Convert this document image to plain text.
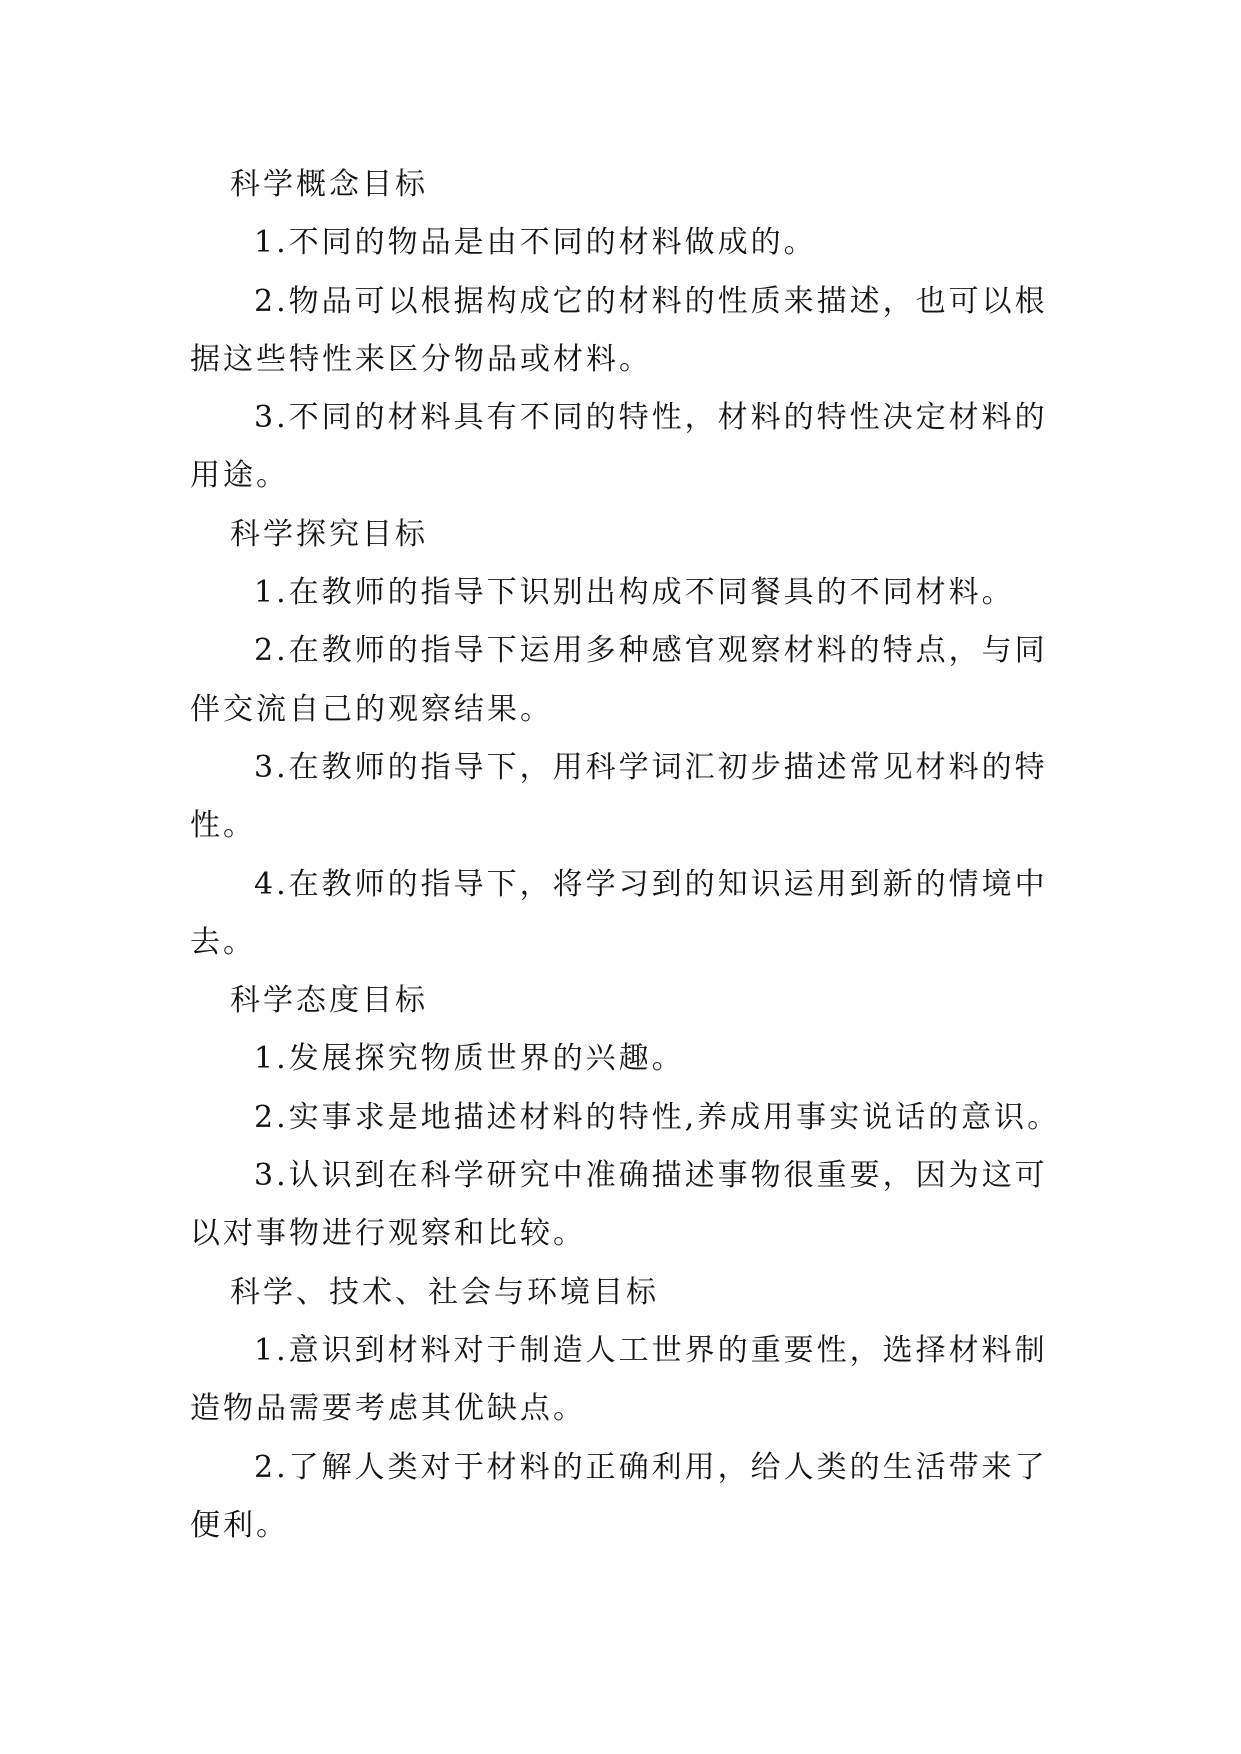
科学概念目标
1.不同的物品是由不同的材料做成的。
2.物品可以根据构成它的材料的性质来描述，也可以根
据这些特性来区分物品或材料。
3.不同的材料具有不同的特性，材料的特性决定材料的
用途。
科学探究目标
1.在教师的指导下识别出构成不同餐具的不同材料。
2.在教师的指导下运用多种感官观察材料的特点，与同
伴交流自己的观察结果。
3.在教师的指导下，用科学词汇初步描述常见材料的特
性。
4.在教师的指导下，将学习到的知识运用到新的情境中
去。
科学态度目标
1.发展探究物质世界的兴趣。
2.实事求是地描述材料的特性,养成用事实说话的意识。
3.认识到在科学研究中准确描述事物很重要，因为这可
以对事物进行观察和比较。
科学、技术、社会与环境目标
1.意识到材料对于制造人工世界的重要性，选择材料制
造物品需要考虑其优缺点。
2.了解人类对于材料的正确利用，给人类的生活带来了
便利。
